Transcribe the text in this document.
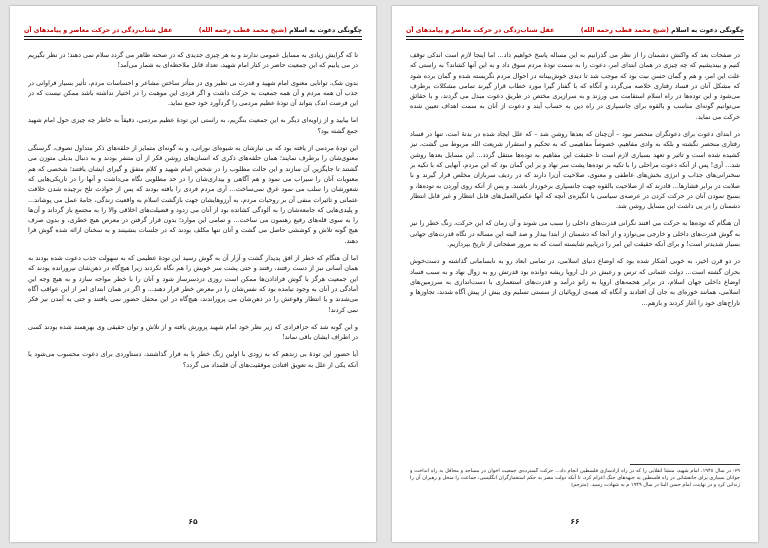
چگونگی دعوت به اسلام (شیخ محمد قطب رحمه الله)
عقل شناب‌زدگی در حرکت معاصر و پیامدهای آن

تا که گرایش زیادی به مسایل عمومی ندارند و به هر چیزی جدیدی که در صحنه ظاهر می گردد سلام نمی دهند؛ در نظر نگیریم در می یابیم که این جمعیت حاضر در کنار امام شهید، تعداد قابل ملاحظه‌ای به شمار می‌آمد!

بدون شک، توانایی معنوی امام شهید و قدرت بی نظیر وی در متأثر ساختن مشاعر و احساسات مردم، تأثیر بسیار فراوانی در جذب آن همه مردم و آن همه جمعیت به حرکت داشت و اگر فردی این موهبت را در اختیار نداشته باشد ممکن نیست که در این فرصت اندک بتواند آن تودهٔ عظیم مردمی را گردآورد خود جمع نماید.

اما بیایید و از زاویه‌ای دیگر به این جمعیت بنگریم، به راستی این تودهٔ عظیم مردمی، دقیقاً به خاطر چه چیزی حول امام شهید جمع گشته بود؟

این تودهٔ مردمی از یافته بود که بی نیازشان به شیوه‌ای نورانی، و به گونه‌ای متمایز از حلقه‌های ذکر متداول تصوف، گرسنگی معنوی‌شان را برطرف نمایند؛ همان حلقه‌های ذکری که انسان‌های روشن فکر از آن متنفر بودند و به دنبال بدیلی متوزن می گشتند تا جایگزین آن سازند و این حالت مطلوب را در شخص امام شهید و کلام متفق و گیرای ایشان یافتند؛ شخصی که هم معنویات آنان را سیراب می نمود و هم آگاهی و بیداری‌شان را در حد مطلوبی نگاه می‌داشت و آنها را در تاریکی‌هایی که شعورشان را سلب می نمود غرق نمی‌ساخت... آری مردم فردی را یافته بودند که پس از حوادث تلخ برچیده شدن خلافت عثمانی و تاثیرات منفی آن بر روحیات مردم، به آرزوهایشان جهت بازگشت اسلام به واقعیت زندگی، جامهٔ عمل می پوشاند... و پلیدی‌هایی که جامعه‌شان را به آلودگی کشانده بود از آنان می زدود و فضیلت‌های اخلاقی والا را به مجتمع باز گرداند و آن‌ها را به سوی قله‌های رفیع رهنمون می ساخت... و تمامی این موارد؛ بدون قرار گرفتن در معرض هیچ خطری، و بدون صرف هیچ گونه تلاش و کوششی حاصل می گشت و آنان تنها مکلف بودند که در جلسات بنشینند و به سخنان ارائه شده گوش فرا دهند.

اما آن هنگام که خطر از افق پدیدار گشت و آزار آن به گوش رسید این تودهٔ عظیمی که به سهولت جذب دعوت شده بودند به همان آسانی نیز از دست رفتند، رفتند و حتی پشت سر خویش را هم نگاه نکردند زیرا هیچ‌گاه در ذهن‌شان نپرورانده بودند که این جمعیت هرگز با گوش فرادادن‌ها ممکن است روزی دردسرساز شود و آنان را با خطر مواجه سازد و به هیچ وجه این آمادگی در آنان به وجود نیامده بود که نفس‌شان را در معرض خطر قرار دهند... و اگر در همان ابتدای امر از این عواقب آگاه می‌شدند و یا انتظار وقوعش را در ذهن‌شان می پروراندند، هیچ‌گاه در این محفل حضور نمی یافتند و حتی به آمدن نیز فکر نمی کردند!

و این گونه شد که جزافرادی که زیر نظر خود امام شهید پرورش یافته و از تلاش و توان حقیقی وی بهرهمند شده بودند کسی در اطراف ایشان باقی نماند!

آیا حضور این تودهٔ بی زندهم که به زودی با اولین زنگ خطر پا به فرار گذاشتند، دستاوردی برای دعوت محسوب می‌شود یا آنکه یکی از علل به تعویق افتادن موفقیت‌های آن قلمداد می گردد؟

۶۵
چگونگی دعوت به اسلام (شیخ محمد قطب رحمه الله)
عقل شناب‌زدگی در حرکت معاصر و پیامدهای آن

در صفحات بعد که واکنش دشمنان را از نظر می گذرانیم به این مساله پاسخ خواهیم داد... اما اینجا لازم است اندکی توقف کنیم و بیندیشیم که چه چیزی در همان ابتدای امر، دعوت را به سمت تودهٔ مردم سوق داد و به این آنها کشاند؟ به راستی که علت این امر، و هم و گمان حسن نیت بود که موجب شد تا دیدی خوش‌بینانه در احوال مردم نگریسته شده و گمان برده شود که مشکل آنان در فساد رفتاری خلاصه می‌گردد و آنگاه که با گفتار گیرا مورد خطاب قرار گیرند تمامی مشکلات برطرف می‌شود و این توده‌ها در راه اسلام استقامت می ورزند و به سرازیری مختص در طریق دعوت مبدل می گردند، و با حقائق می‌توانیم گونه‌ای مناسب و بالقوه برای جانسپاری در راه دین به حساب آیند و دعوت از آنان به سمت اهداف تعیین شده حرکت می نماید.

در ابتدای دعوت برای دعوتگران منحصر نبود – آن‌چنان که بعدها روشن شد – که علل ایجاد شده در بدنهٔ امت، تنها در فساد رفتاری منحصر نگشته و بلکه به وادی مفاهیم، خصوصاً مفاهیمی که به تحکیم و استقرار شریعت الله مربوط می گشت، نیز کشیده شده است و تاثیر و تعهد بسیاری لازم است تا حقیقت این مفاهیم به توده‌ها منتقل گردد... این مسایل بعدها روشن شد... آری! پس از آنکه دعوت مراحلی را با تکیه بر توده‌ها پشت سر نهاد و بر این گمان بود که این مردم، آنهایی که با تکیه بر سخنرانی‌های جذاب و انرژی بخش‌های عاطفی و معنوی، صلاحیت آن‌را دارند که در ردیف سربازان مخلص قرار گیرند و با صلابت در برابر فشارها... قادرند که از صلاحیت بالقوه جهت جانسپاری برخوردار باشند. و پس از آنکه روی آوردن به توده‌ها، و بسیج نمودن آنان در حرکت کردن در عرصه‌ی سیاسی با انگیزه‌ی آنچه که آنها عکس‌العمل‌های قابل انتظار و غیر قابل انتظار دشمنان را در پی داشت این مسایل روشن شد.

آن هنگام که توده‌ها به حرکت می افتند نگرانی قدرت‌های داخلی را سبب می شوند و آن زمان که این حرکت، زنگ خطر را نیز به گوش قدرت‌های داخلی و خارجی می‌نوازد و از آنجا که دشمنان از ابتدا بیدار و صد البته این مساله در نگاه قدرت‌های جهانی بسیار شدیدتر است! و برای آنکه حقیقت این امر را دریابیم شایسته است که به مرور صفحاتی از تاریخ بپردازیم.

در دو قرن اخیر، به خوبی آشکار شده بود که اوضاع دنیای اسلامی، در تمامی ابعاد رو به نابسامانی گذاشته و دست‌خوش بحران گشته است... دولت عثمانی که ترس و رعبش در دل اروپا ریشه دوانده بود قدرتش رو به زوال نهاد و به سبب فساد اوضاع داخلی جهان اسلام، در برابر هجمه‌های اروپا به زانو درآمد و قدرت‌های استعماری با دست‌اندازی به سرزمین‌های اسلامی، همانند خوره‌ای به جان آن افتادند و آنگاه که همه‌ی اروپائیان از سستی تسلیم وی بیش از پیش آگاه شدند، تجاوزها و تاراج‌های خود را آغاز کردند و بازهم...

۶۹- در سال ۱۹۴۸، امام شهید، منشأ انقلابی را که در راه آزادسازی فلسطین انجام داد... حرکت گسترده‌ی جمعیت اخوان در مساجد و محافل به راه انداخت و جوانان بسیاری برای جانفشانی در راه فلسطین به جبهه‌های جنگ اعزام کرد، تا آنکه دولت مصر به حکم استعمارگران انگلیسی، جماعت را منحل و رهبران آن را زندانی کرد و در نهایت، امام حسن البنا در سال ۱۹۴۹ م به شهادت رسید. (مترجم)
۶۶
